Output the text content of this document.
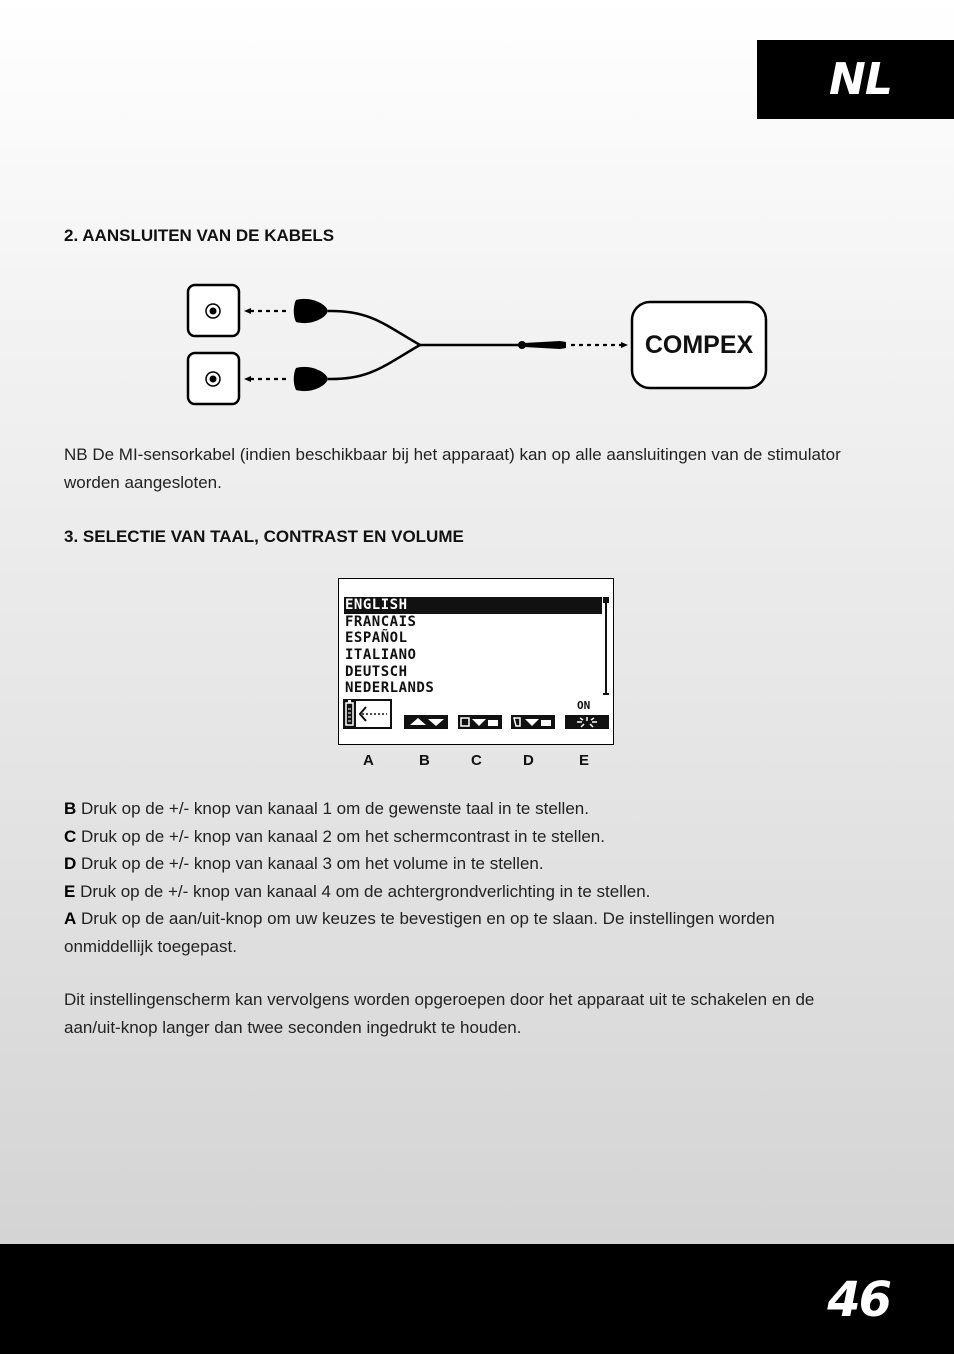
NL
2. AANSLUITEN VAN DE KABELS
COMPEX

NB De MI-sensorkabel (indien beschikbaar bij het apparaat) kan op alle aansluitingen van de stimulator worden aangesloten.

3. SELECTIE VAN TAAL, CONTRAST EN VOLUME
ENGLISH
FRANCAIS
ESPAÑOL
ITALIANO
DEUTSCH
NEDERLANDS
ON
A	B	C	D	E

B Druk op de +/- knop van kanaal 1 om de gewenste taal in te stellen.

C Druk op de +/- knop van kanaal 2 om het schermcontrast in te stellen.

D Druk op de +/- knop van kanaal 3 om het volume in te stellen.

E Druk op de +/- knop van kanaal 4 om de achtergrondverlichting in te stellen.

A Druk op de aan/uit-knop om uw keuzes te bevestigen en op te slaan. De instellingen worden onmiddellijk toegepast.

Dit instellingenscherm kan vervolgens worden opgeroepen door het apparaat uit te schakelen en de aan/uit-knop langer dan twee seconden ingedrukt te houden.

46
